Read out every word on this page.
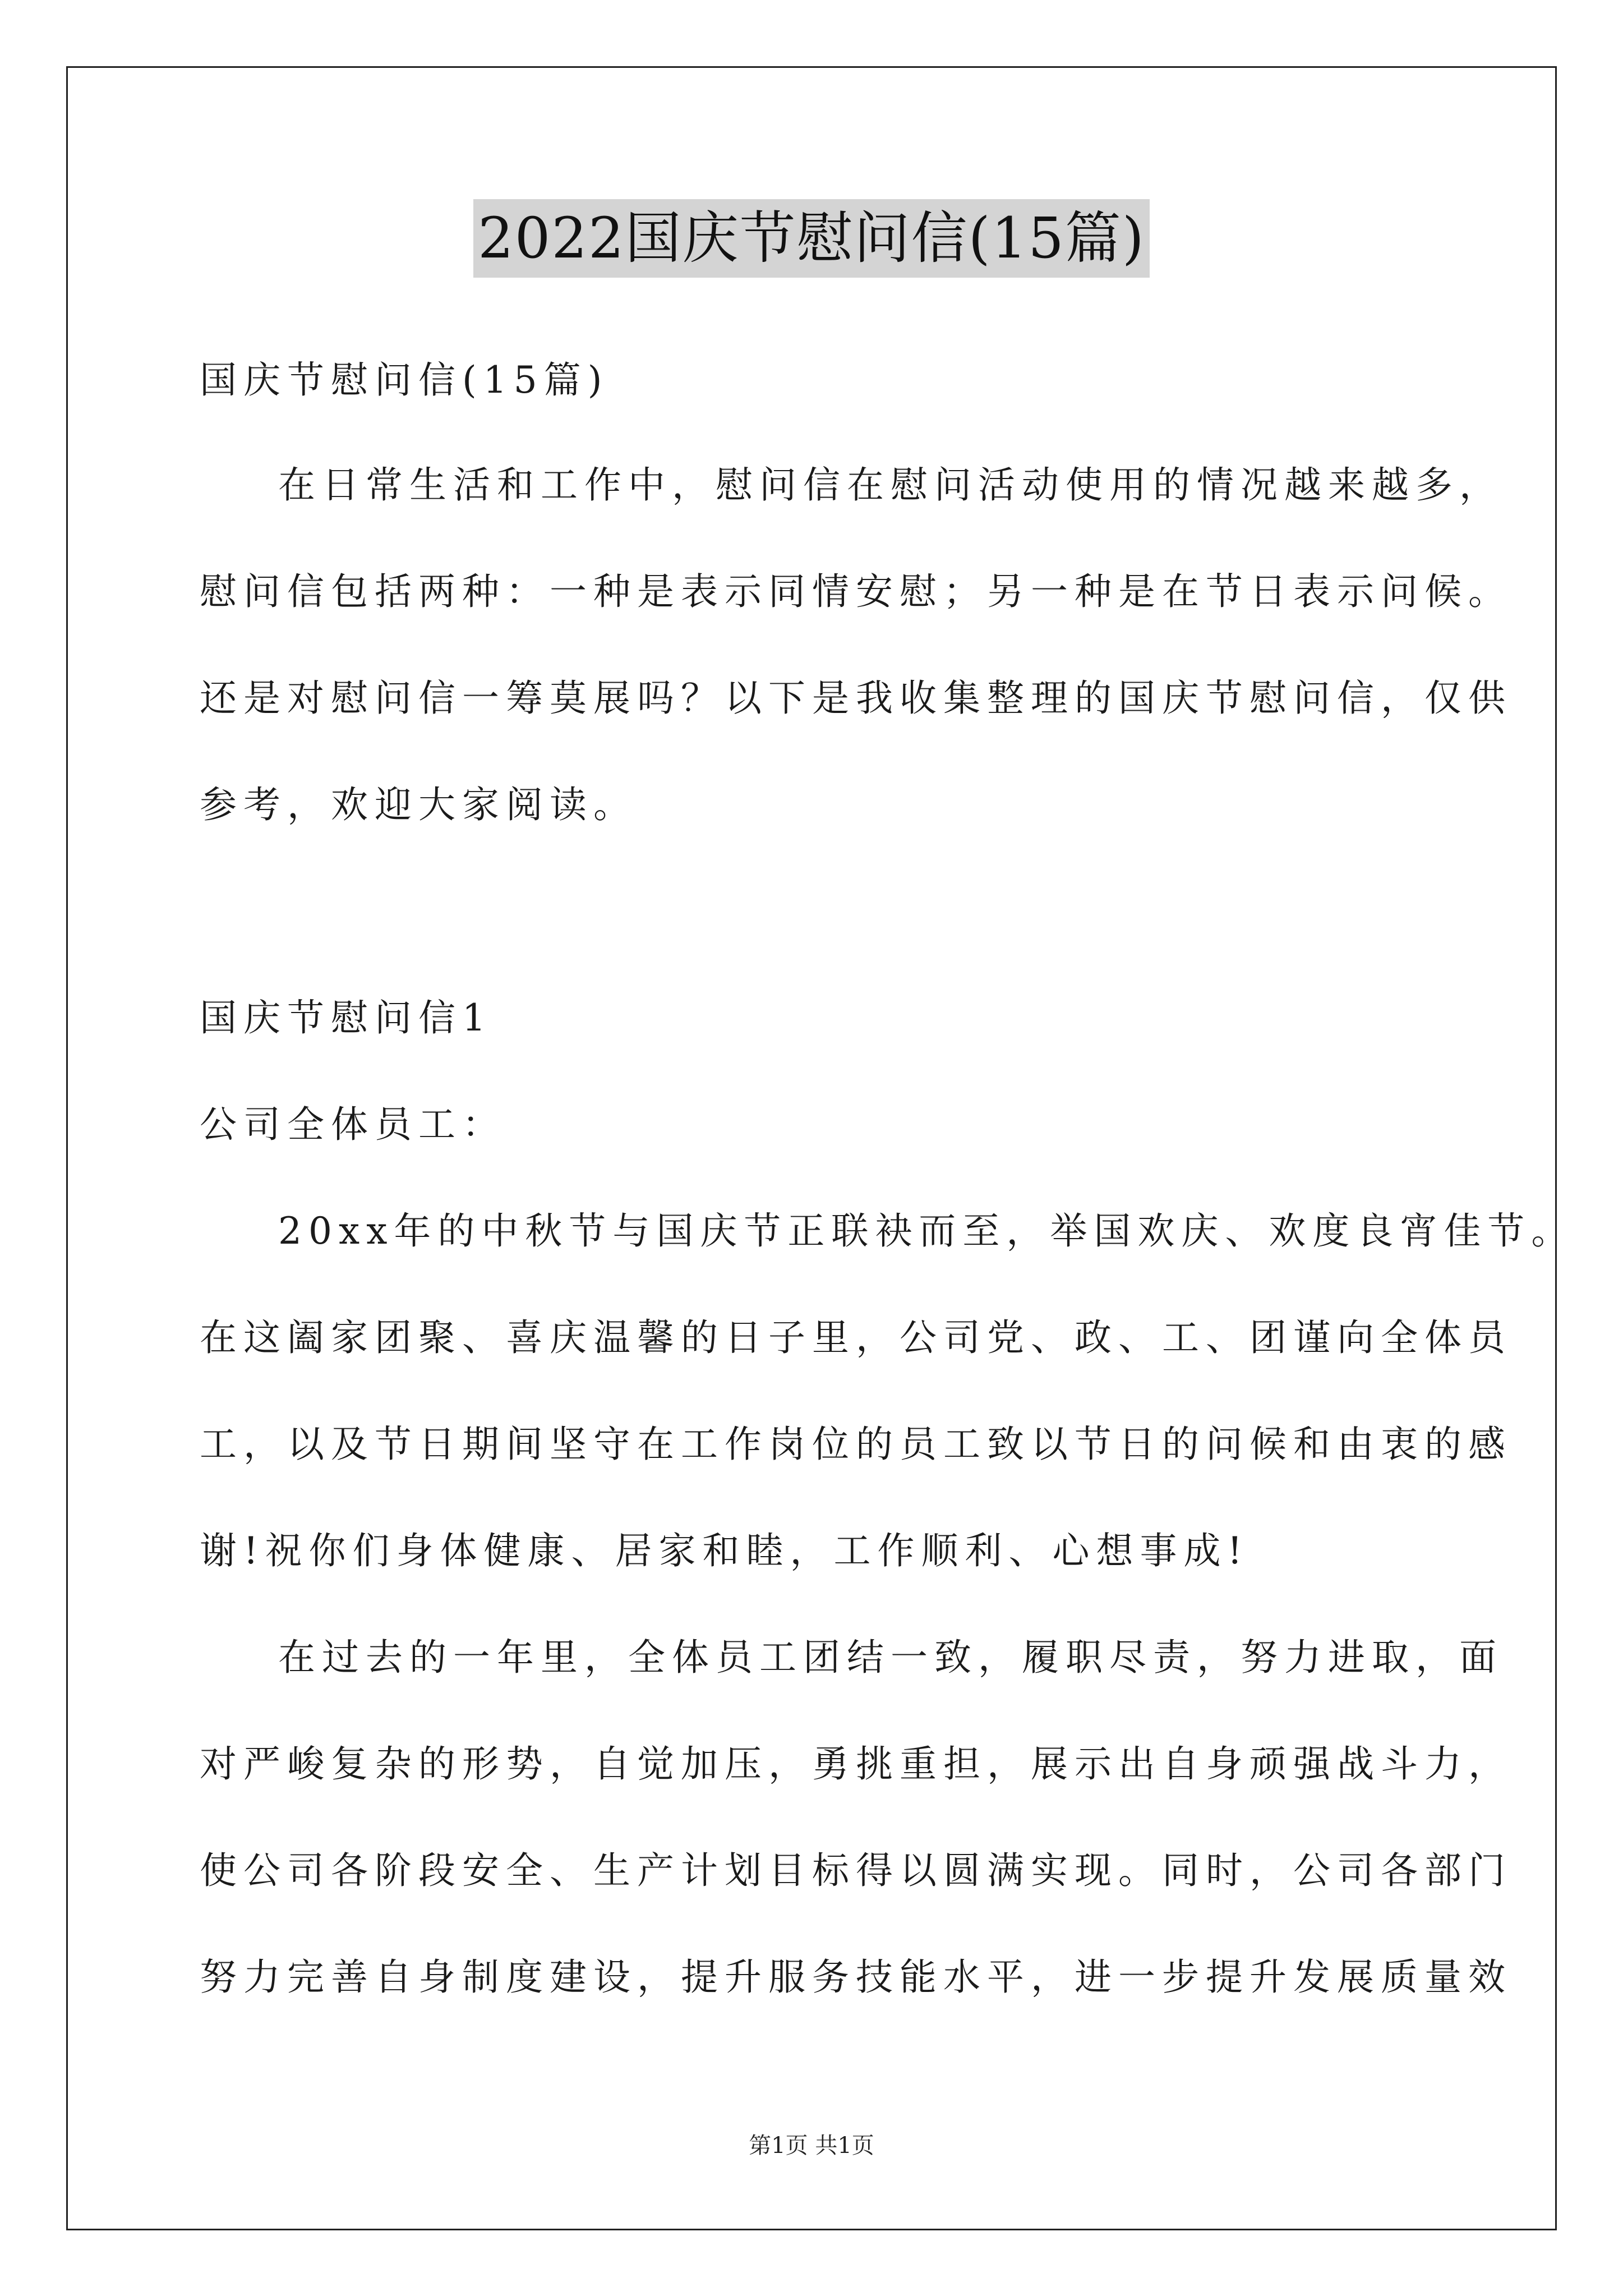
2022国庆节慰问信(15篇)
国庆节慰问信(15篇)
在日常生活和工作中，慰问信在慰问活动使用的情况越来越多，
慰问信包括两种：一种是表示同情安慰；另一种是在节日表示问候。
还是对慰问信一筹莫展吗？以下是我收集整理的国庆节慰问信，仅供
参考，欢迎大家阅读。
国庆节慰问信1
公司全体员工：
20xx年的中秋节与国庆节正联袂而至，举国欢庆、欢度良宵佳节。
在这阖家团聚、喜庆温馨的日子里，公司党、政、工、团谨向全体员
工，以及节日期间坚守在工作岗位的员工致以节日的问候和由衷的感
谢!祝你们身体健康、居家和睦，工作顺利、心想事成!
在过去的一年里，全体员工团结一致，履职尽责，努力进取，面
对严峻复杂的形势，自觉加压，勇挑重担，展示出自身顽强战斗力，
使公司各阶段安全、生产计划目标得以圆满实现。同时，公司各部门
努力完善自身制度建设，提升服务技能水平，进一步提升发展质量效
第1页 共1页
